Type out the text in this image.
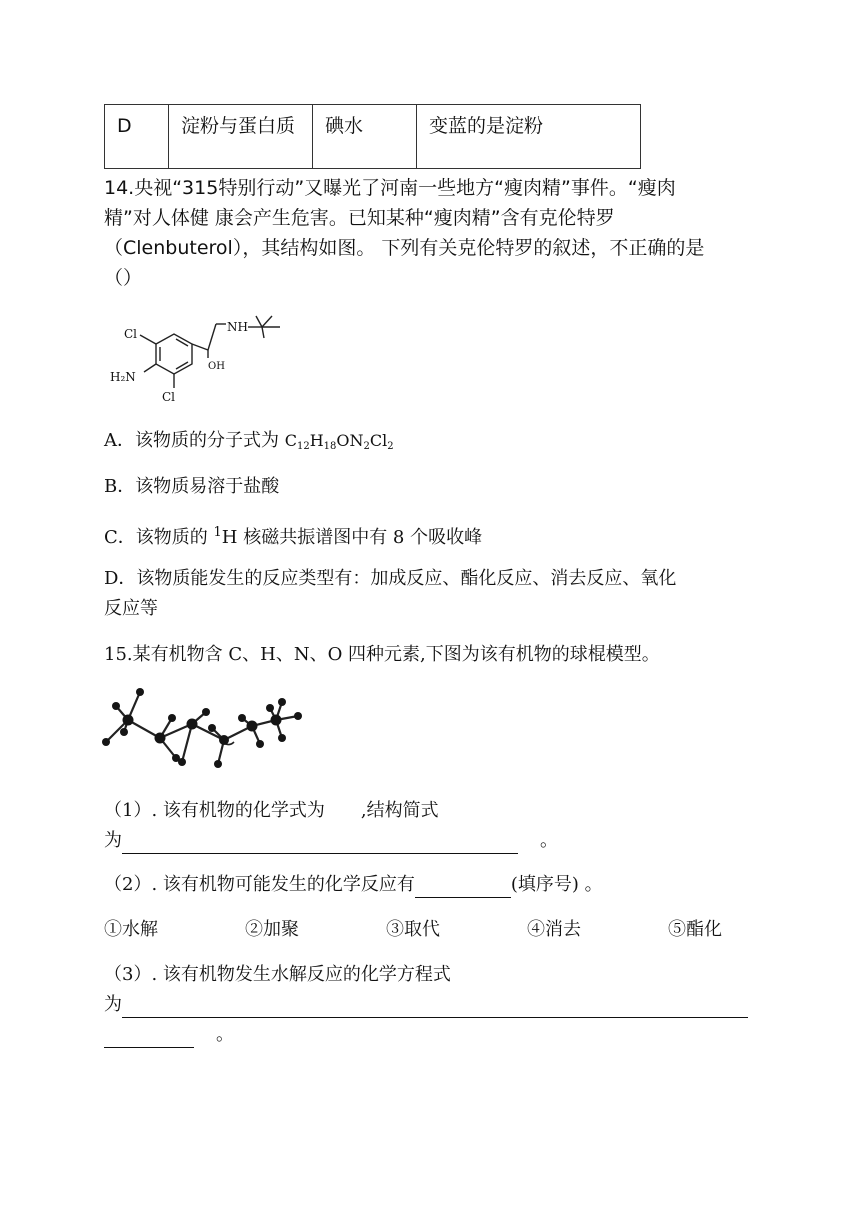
D	淀粉与蛋白质	碘水	变蓝的是淀粉
14.央视“315特别行动”又曝光了河南一些地方“瘦肉精”事件。“瘦肉
精”对人体健 康会产生危害。已知某种“瘦肉精”含有克伦特罗
（Clenbuterol），其结构如图。 下列有关克伦特罗的叙述，不正确的是
（）
Cl	NH
OH
H₂N
Cl
A．该物质的分子式为 $C_{12}H_{18}ON_2Cl_2$
B．该物质易溶于盐酸
C．该物质的 $^1$H 核磁共振谱图中有 8 个吸收峰
D．该物质能发生的反应类型有：加成反应、酯化反应、消去反应、氧化
反应等
15.某有机物含 C、H、N、O 四种元素,下图为该有机物的球棍模型。
（1）. 该有机物的化学式为 ,结构简式
为	。
（2）. 该有机物可能发生的化学反应有	(填序号) 。
①水解	②加聚	③取代	④消去	⑤酯化
（3）. 该有机物发生水解反应的化学方程式
为
。
